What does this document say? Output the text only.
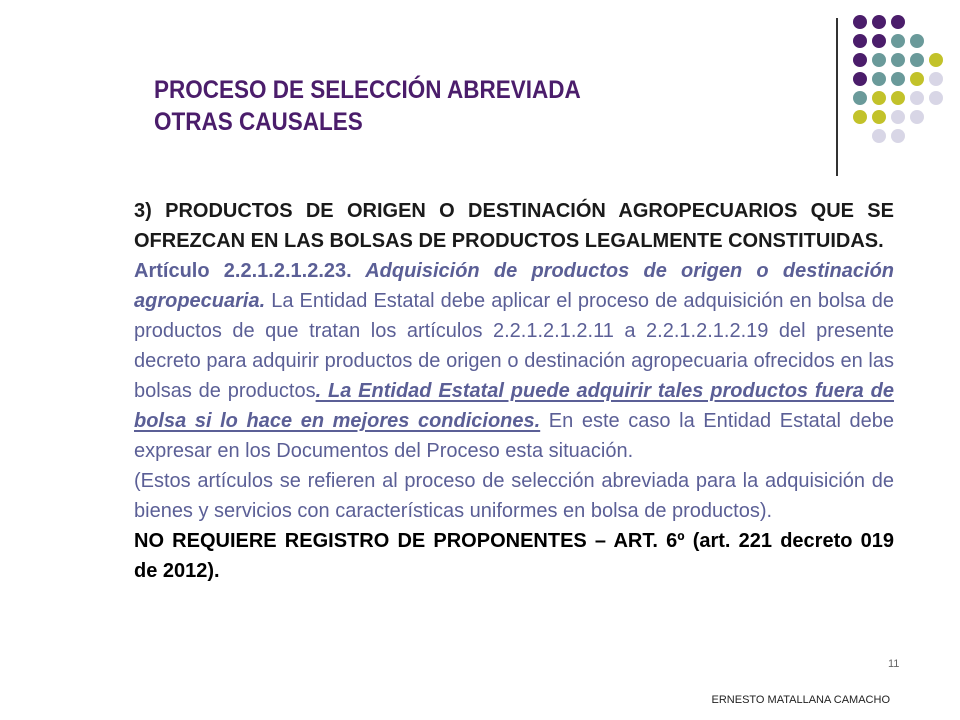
PROCESO DE SELECCIÓN ABREVIADA
OTRAS CAUSALES

3) PRODUCTOS DE ORIGEN O DESTINACIÓN AGROPECUARIOS QUE SE OFREZCAN EN LAS BOLSAS DE PRODUCTOS LEGALMENTE CONSTITUIDAS.

Artículo 2.2.1.2.1.2.23. Adquisición de productos de origen o destinación agropecuaria. La Entidad Estatal debe aplicar el proceso de adquisición en bolsa de productos de que tratan los artículos 2.2.1.2.1.2.11 a 2.2.1.2.1.2.19 del presente decreto para adquirir productos de origen o destinación agropecuaria ofrecidos en las bolsas de productos. La Entidad Estatal puede adquirir tales productos fuera de bolsa si lo hace en mejores condiciones. En este caso la Entidad Estatal debe expresar en los Documentos del Proceso esta situación.

(Estos artículos se refieren al proceso de selección abreviada para la adquisición de bienes y servicios con características uniformes en bolsa de productos).

NO REQUIERE REGISTRO DE PROPONENTES – ART. 6º (art. 221 decreto 019 de 2012).

11
ERNESTO MATALLANA CAMACHO
